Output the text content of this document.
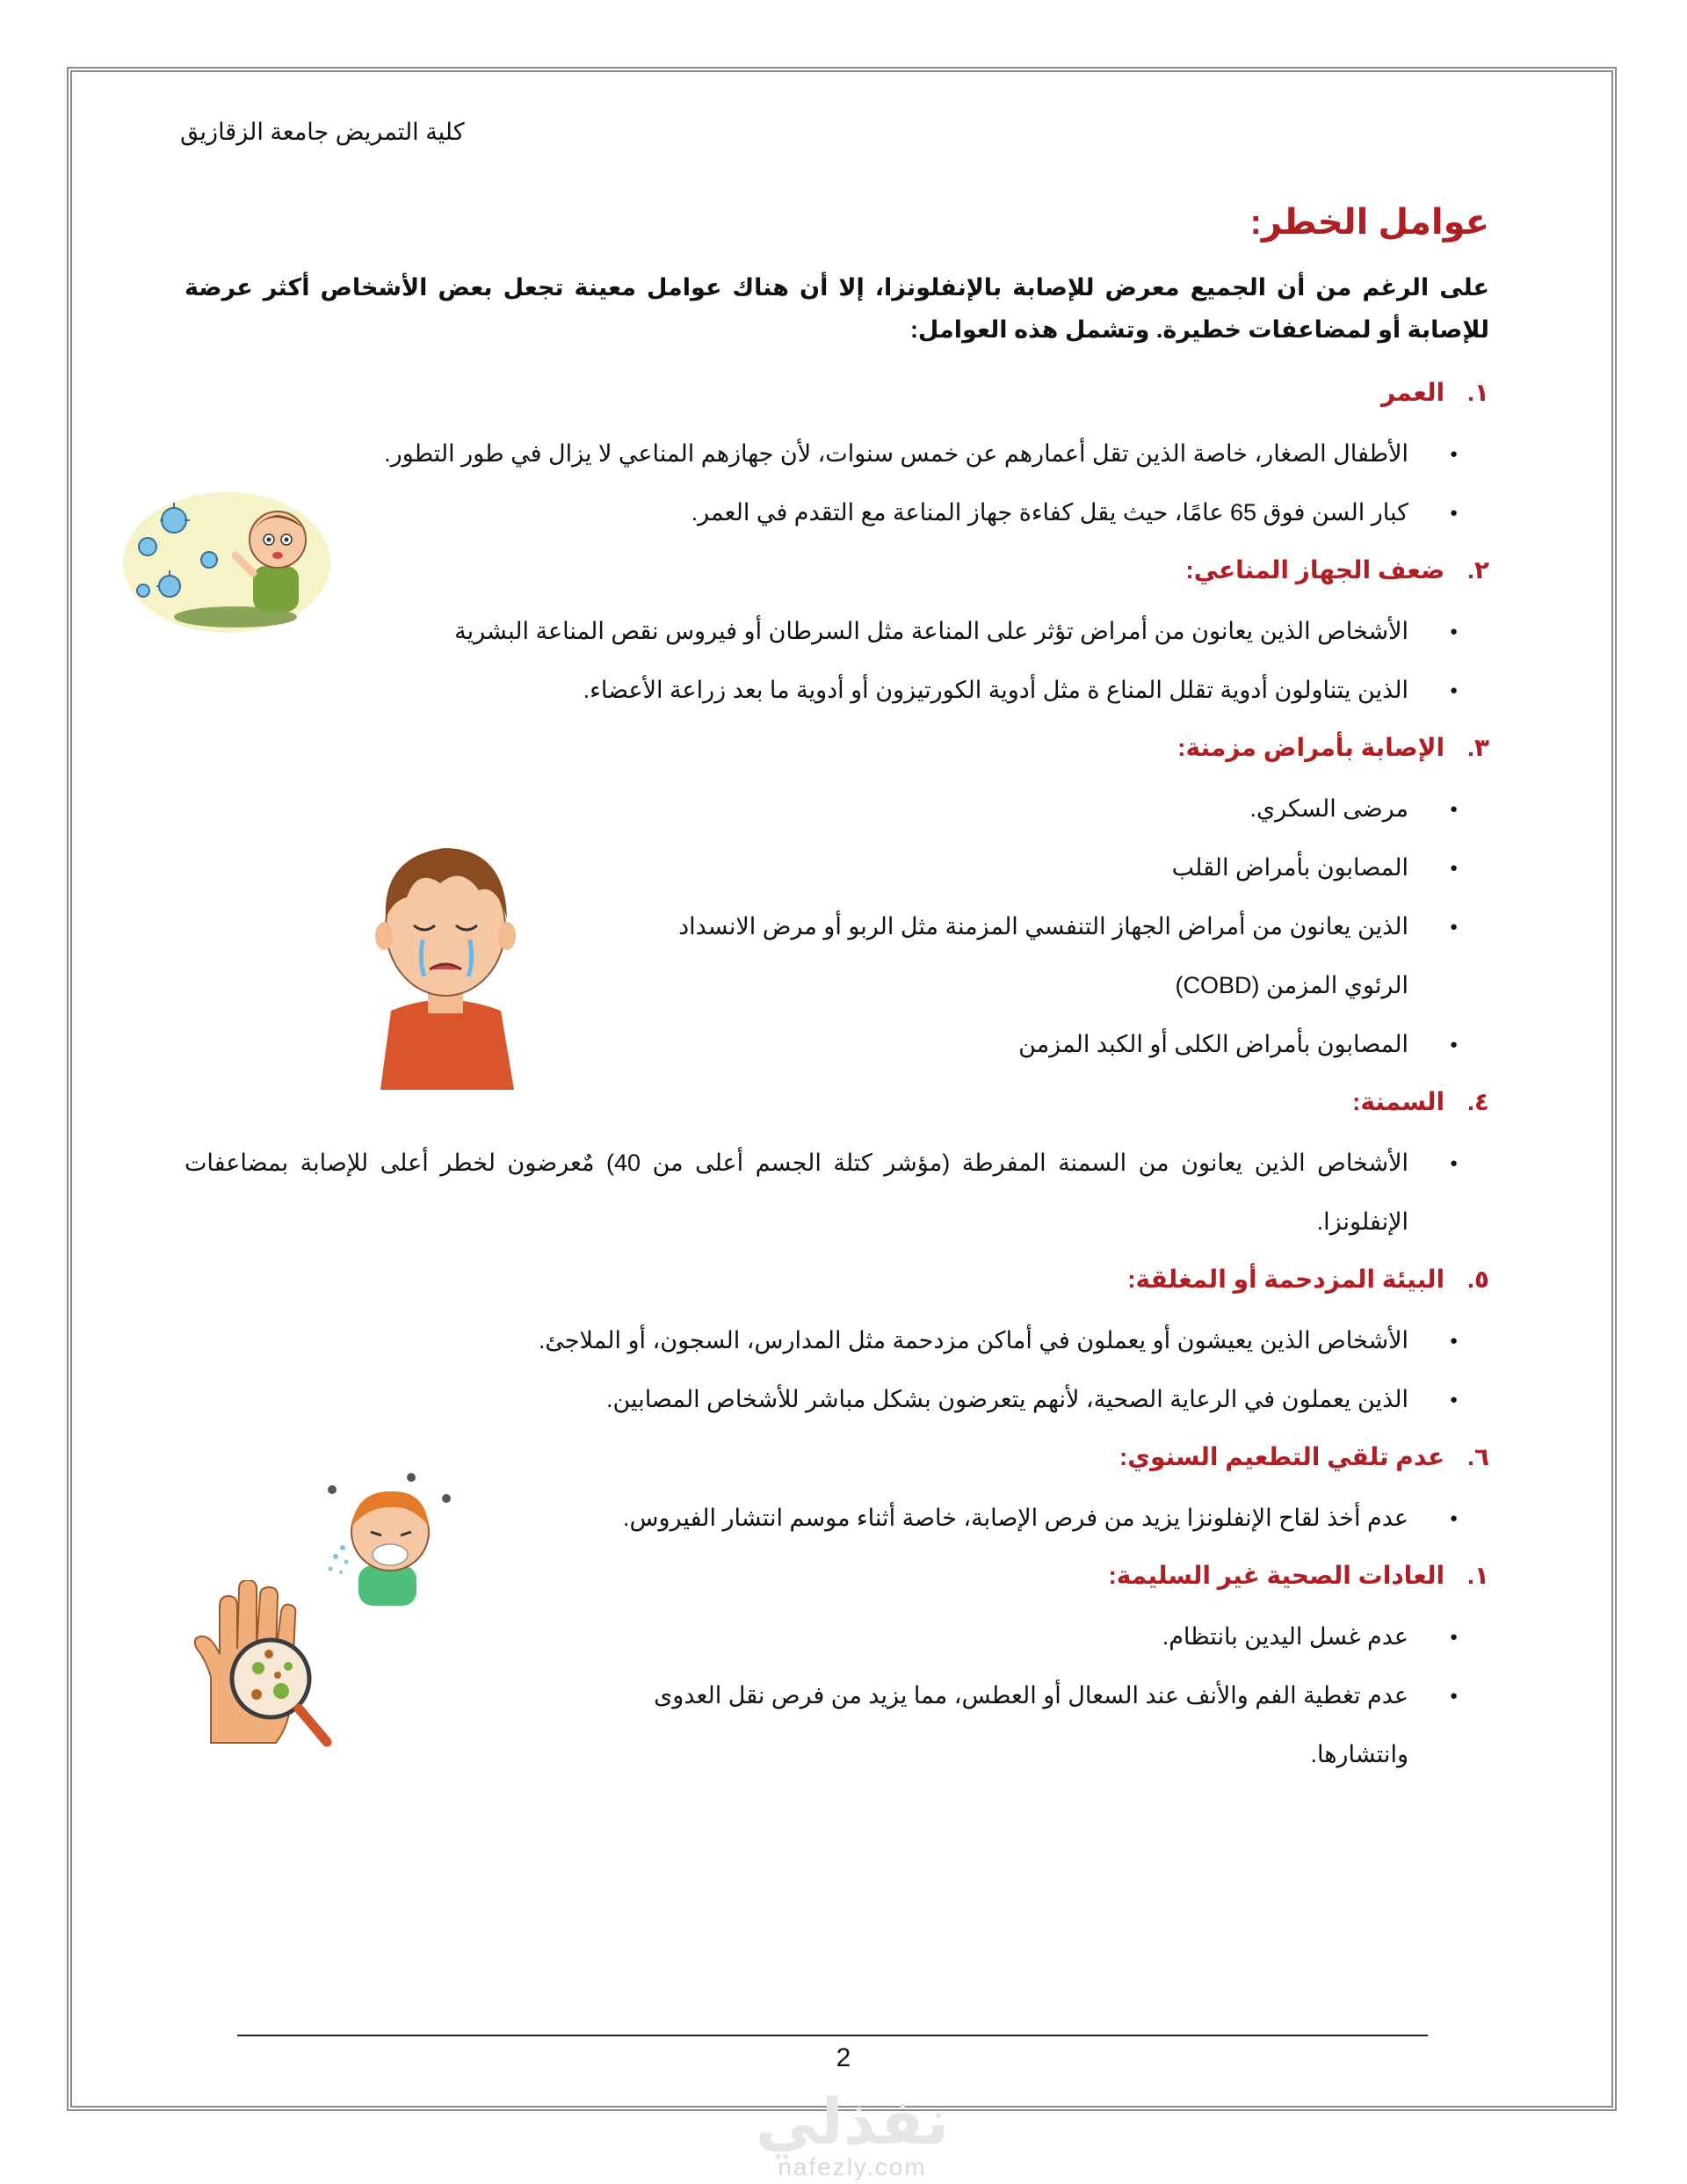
كلية التمريض جامعة الزقازيق
عوامل الخطر:

على الرغم من أن الجميع معرض للإصابة بالإنفلونزا، إلا أن هناك عوامل معينة تجعل بعض الأشخاص أكثر عرضة للإصابة أو لمضاعفات خطيرة. وتشمل هذه العوامل:

١.العمر
● الأطفال الصغار، خاصة الذين تقل أعمارهم عن خمس سنوات، لأن جهازهم المناعي لا يزال في طور التطور.
● كبار السن فوق 65 عامًا، حيث يقل كفاءة جهاز المناعة مع التقدم في العمر.
٢.ضعف الجهاز المناعي:
● الأشخاص الذين يعانون من أمراض تؤثر على المناعة مثل السرطان أو فيروس نقص المناعة البشرية
● الذين يتناولون أدوية تقلل المناع ة مثل أدوية الكورتيزون أو أدوية ما بعد زراعة الأعضاء.
٣.الإصابة بأمراض مزمنة:
● مرضى السكري.
● المصابون بأمراض القلب
● الذين يعانون من أمراض الجهاز التنفسي المزمنة مثل الربو أو مرض الانسداد الرئوي المزمن (COBD)
● المصابون بأمراض الكلى أو الكبد المزمن
٤.السمنة:
● الأشخاص الذين يعانون من السمنة المفرطة (مؤشر كتلة الجسم أعلى من 40) مٌعرضون لخطر أعلى للإصابة بمضاعفات الإنفلونزا.
٥.البيئة المزدحمة أو المغلقة:
● الأشخاص الذين يعيشون أو يعملون في أماكن مزدحمة مثل المدارس، السجون، أو الملاجئ.
● الذين يعملون في الرعاية الصحية، لأنهم يتعرضون بشكل مباشر للأشخاص المصابين.
٦.عدم تلقي التطعيم السنوي:
● عدم أخذ لقاح الإنفلونزا يزيد من فرص الإصابة، خاصة أثناء موسم انتشار الفيروس.
١.العادات الصحية غير السليمة:
● عدم غسل اليدين بانتظام.
● عدم تغطية الفم والأنف عند السعال أو العطس، مما يزيد من فرص نقل العدوى وانتشارها.
2
نفذلي
nafezly.com
